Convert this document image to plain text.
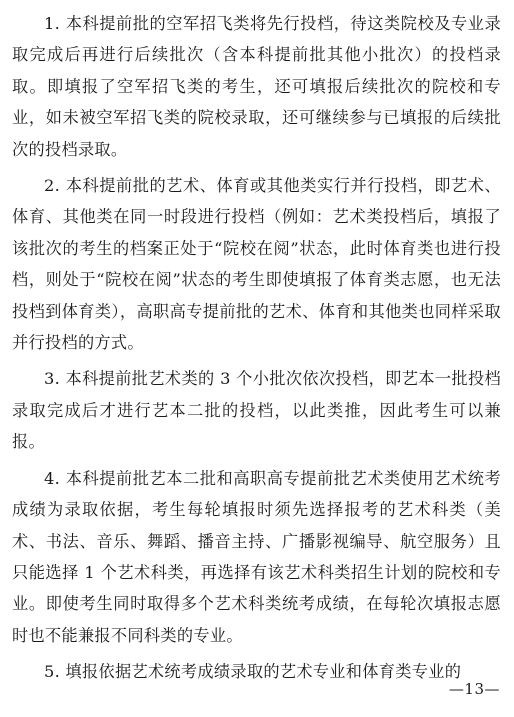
1. 本科提前批的空军招飞类将先行投档，待这类院校及专业录取完成后再进行后续批次（含本科提前批其他小批次）的投档录取。即填报了空军招飞类的考生，还可填报后续批次的院校和专业，如未被空军招飞类的院校录取，还可继续参与已填报的后续批次的投档录取。

2. 本科提前批的艺术、体育或其他类实行并行投档，即艺术、体育、其他类在同一时段进行投档（例如：艺术类投档后，填报了该批次的考生的档案正处于“院校在阅”状态，此时体育类也进行投档，则处于“院校在阅”状态的考生即使填报了体育类志愿，也无法投档到体育类），高职高专提前批的艺术、体育和其他类也同样采取并行投档的方式。

3. 本科提前批艺术类的 3 个小批次依次投档，即艺本一批投档录取完成后才进行艺本二批的投档，以此类推，因此考生可以兼报。

4. 本科提前批艺本二批和高职高专提前批艺术类使用艺术统考成绩为录取依据，考生每轮填报时须先选择报考的艺术科类（美术、书法、音乐、舞蹈、播音主持、广播影视编导、航空服务）且只能选择 1 个艺术科类，再选择有该艺术科类招生计划的院校和专业。即使考生同时取得多个艺术科类统考成绩，在每轮次填报志愿时也不能兼报不同科类的专业。

5. 填报依据艺术统考成绩录取的艺术专业和体育类专业的

—13—
